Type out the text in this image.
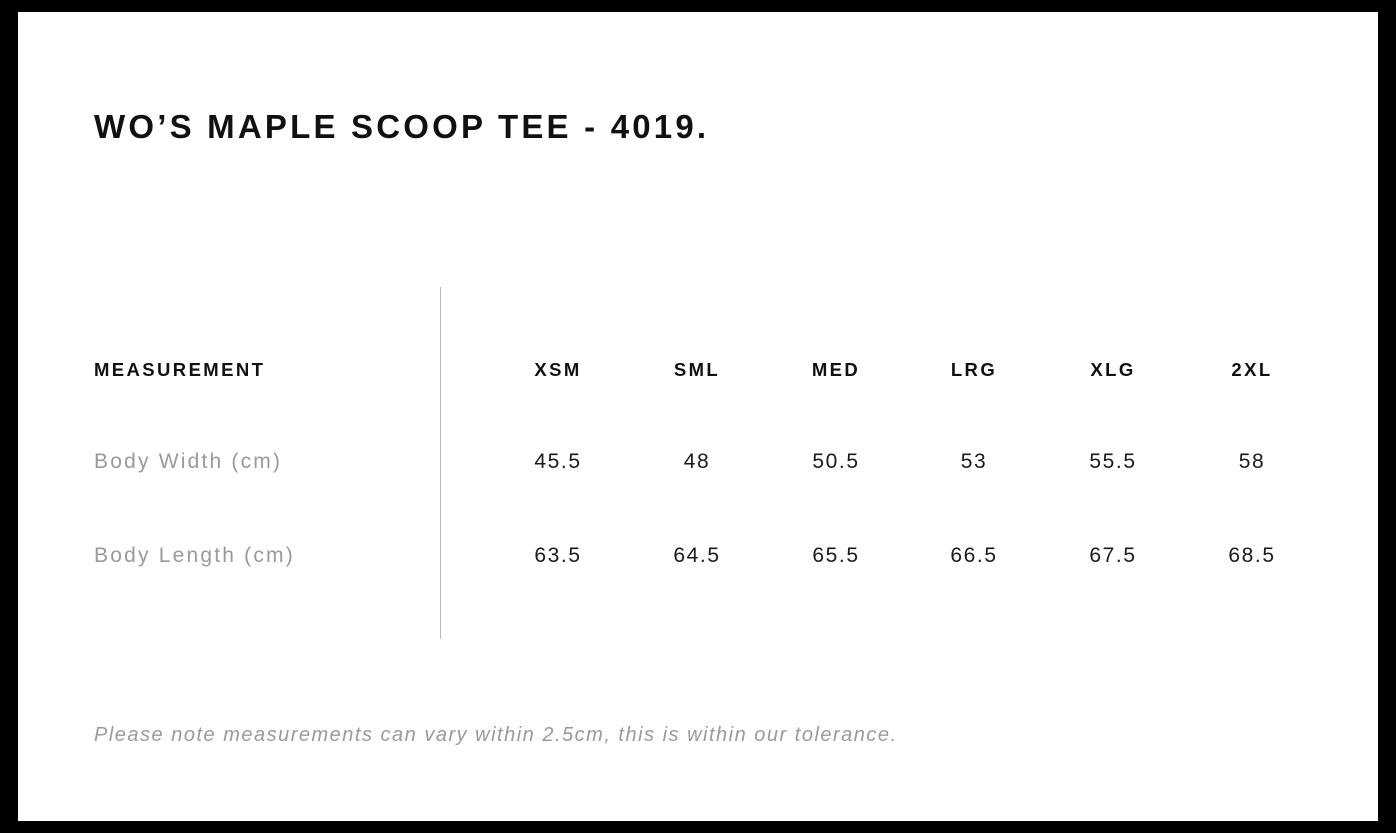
WO’S MAPLE SCOOP TEE - 4019.
MEASUREMENT	XSM	SML	MED	LRG	XLG	2XL
Body Width (cm)	45.5	48	50.5	53	55.5	58
Body Length (cm)	63.5	64.5	65.5	66.5	67.5	68.5
Please note measurements can vary within 2.5cm, this is within our tolerance.
